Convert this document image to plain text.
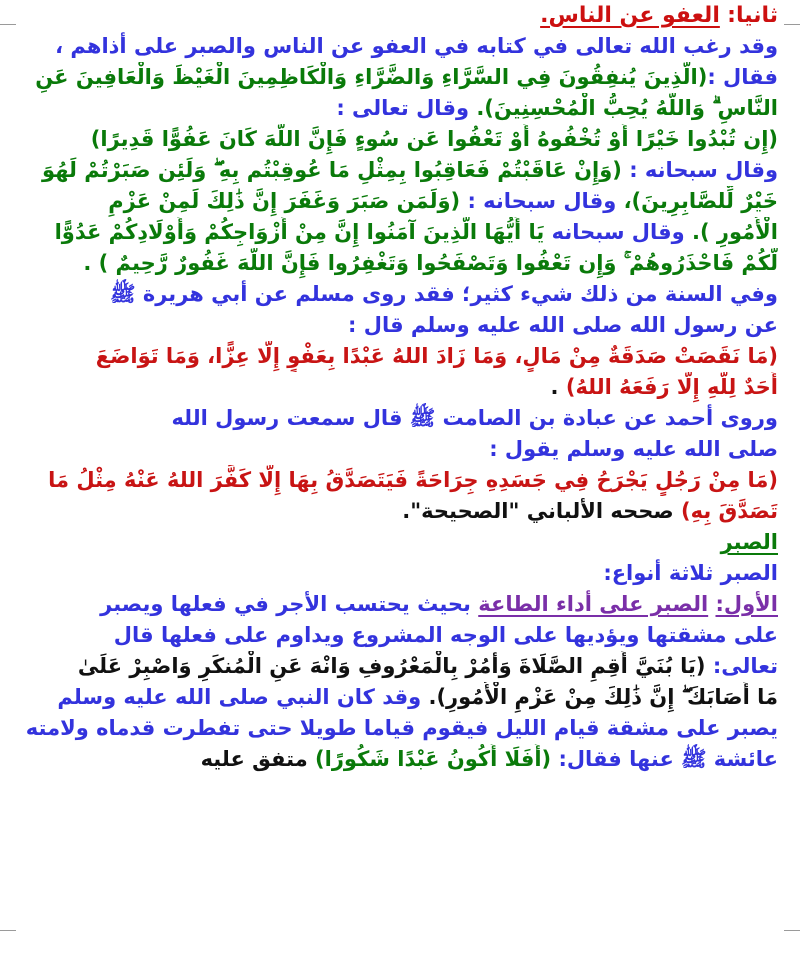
ثانيا: العفو عن الناس.
وقد رغب الله تعالى في كتابه في العفو عن الناس والصبر على أذاهم ،
فقال :(الَّذِينَ يُنفِقُونَ فِي السَّرَّاءِ وَالضَّرَّاءِ وَالْكَاظِمِينَ الْغَيْظَ وَالْعَافِينَ عَنِ
النَّاسِ ۗ وَاللَّهُ يُحِبُّ الْمُحْسِنِينَ). وقال تعالى :
(إِن تُبْدُوا خَيْرًا أَوْ تُخْفُوهُ أَوْ تَعْفُوا عَن سُوءٍ فَإِنَّ اللَّهَ كَانَ عَفُوًّا قَدِيرًا)
وقال سبحانه : (وَإِنْ عَاقَبْتُمْ فَعَاقِبُوا بِمِثْلِ مَا عُوقِبْتُم بِهِ ۖ وَلَئِن صَبَرْتُمْ لَهُوَ
خَيْرٌ لِّلصَّابِرِينَ)، وقال سبحانه : (وَلَمَن صَبَرَ وَغَفَرَ إِنَّ ذَٰلِكَ لَمِنْ عَزْمِ
الْأُمُورِ ). وقال سبحانه يَا أَيُّهَا الَّذِينَ آمَنُوا إِنَّ مِنْ أَزْوَاجِكُمْ وَأَوْلَادِكُمْ عَدُوًّا
لَّكُمْ فَاحْذَرُوهُمْ ۚ وَإِن تَعْفُوا وَتَصْفَحُوا وَتَغْفِرُوا فَإِنَّ اللَّهَ غَفُورٌ رَّحِيمٌ ) .
وفي السنة من ذلك شيء كثير؛ فقد روى مسلم عن أبي هريرة ﷺ
عن رسول الله صلى الله عليه وسلم قال :
(مَا نَقَصَتْ صَدَقَةٌ مِنْ مَالٍ، وَمَا زَادَ اللهُ عَبْدًا بِعَفْوٍ إِلَّا عِزًّا، وَمَا تَوَاضَعَ
أَحَدٌ لِلَّهِ إِلَّا رَفَعَهُ اللهُ) .
وروى أحمد عن عبادة بن الصامت ﷺ قال سمعت رسول الله
صلى الله عليه وسلم يقول :
(مَا مِنْ رَجُلٍ يَجْرَحُ فِي جَسَدِهِ جِرَاحَةً فَيَتَصَدَّقُ بِهَا إِلَّا كَفَّرَ اللهُ عَنْهُ مِثْلُ مَا
تَصَدَّقَ بِهِ) صححه الألباني "الصحيحة".
الصبر
الصبر ثلاثة أنواع:
الأول: الصبر على أداء الطاعة بحيث يحتسب الأجر في فعلها ويصبر
على مشقتها ويؤديها على الوجه المشروع ويداوم على فعلها قال
تعالى: (يَا بُنَيَّ أَقِمِ الصَّلَاةَ وَأْمُرْ بِالْمَعْرُوفِ وَانْهَ عَنِ الْمُنكَرِ وَاصْبِرْ عَلَىٰ
مَا أَصَابَكَ ۖ إِنَّ ذَٰلِكَ مِنْ عَزْمِ الْأُمُورِ). وقد كان النبي صلى الله عليه وسلم
يصبر على مشقة قيام الليل فيقوم قياما طويلا حتى تفطرت قدماه ولامته
عائشة ﷺ عنها فقال: (أَفَلَا أَكُونُ عَبْدًا شَكُورًا) متفق عليه
